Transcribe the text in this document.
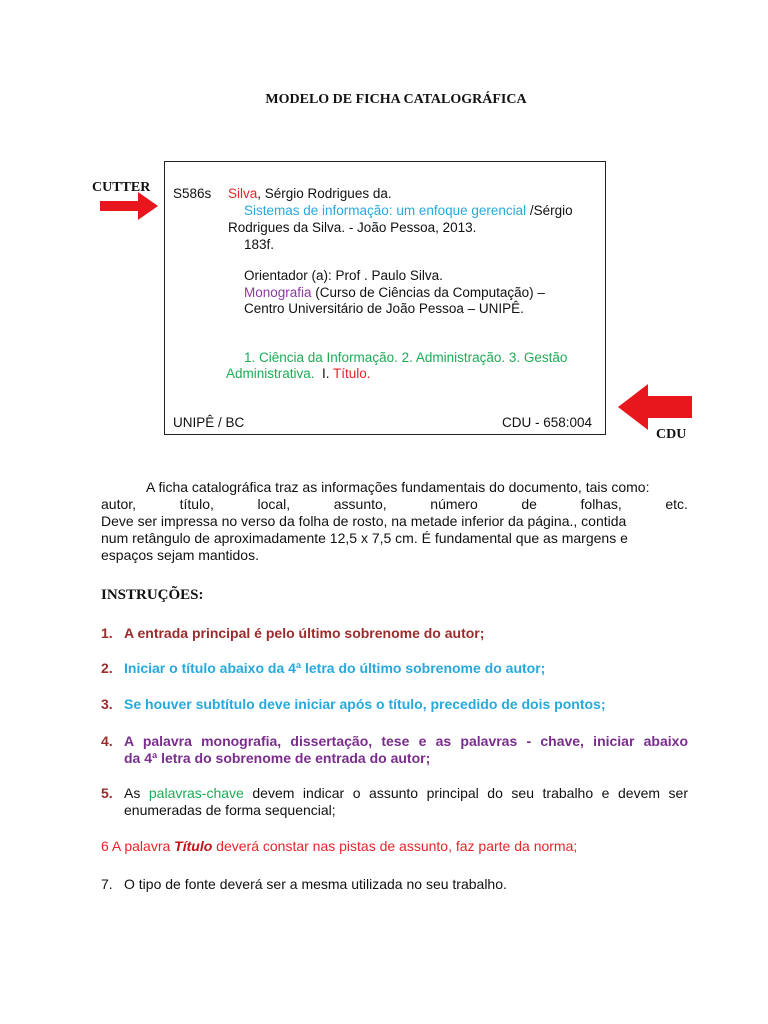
MODELO DE FICHA CATALOGRÁFICA
CUTTER
CDU
S586s Silva, Sérgio Rodrigues da.
Sistemas de informação: um enfoque gerencial /Sérgio
Rodrigues da Silva. - João Pessoa, 2013.
183f.
Orientador (a): Prof . Paulo Silva.
Monografia (Curso de Ciências da Computação) –
Centro Universitário de João Pessoa – UNIPÊ.
1. Ciência da Informação. 2. Administração. 3. Gestão
Administrativa.  I. Título.
UNIPÊ / BC	CDU - 658:004

A ficha catalográfica traz as informações fundamentais do documento, tais como:

autor,	título,	local,	assunto,	número	de	folhas,	etc.

Deve ser impressa no verso da folha de rosto, na metade inferior da página., contida

num retângulo de aproximadamente 12,5 x 7,5 cm. É fundamental que as margens e

espaços sejam mantidos.

INSTRUÇÕES:
1. A entrada principal é pelo último sobrenome do autor;
2. Iniciar o título abaixo da 4ª letra do último sobrenome do autor;
3. Se houver subtítulo deve iniciar após o título, precedido de dois pontos;
4. A palavra monografia, dissertação, tese e as palavras - chave, iniciar abaixo
da 4ª letra do sobrenome de entrada do autor;
5. As palavras-chave devem indicar o assunto principal do seu trabalho e devem ser
enumeradas de forma sequencial;
6 A palavra Título deverá constar nas pistas de assunto, faz parte da norma;
7. O tipo de fonte deverá ser a mesma utilizada no seu trabalho.
